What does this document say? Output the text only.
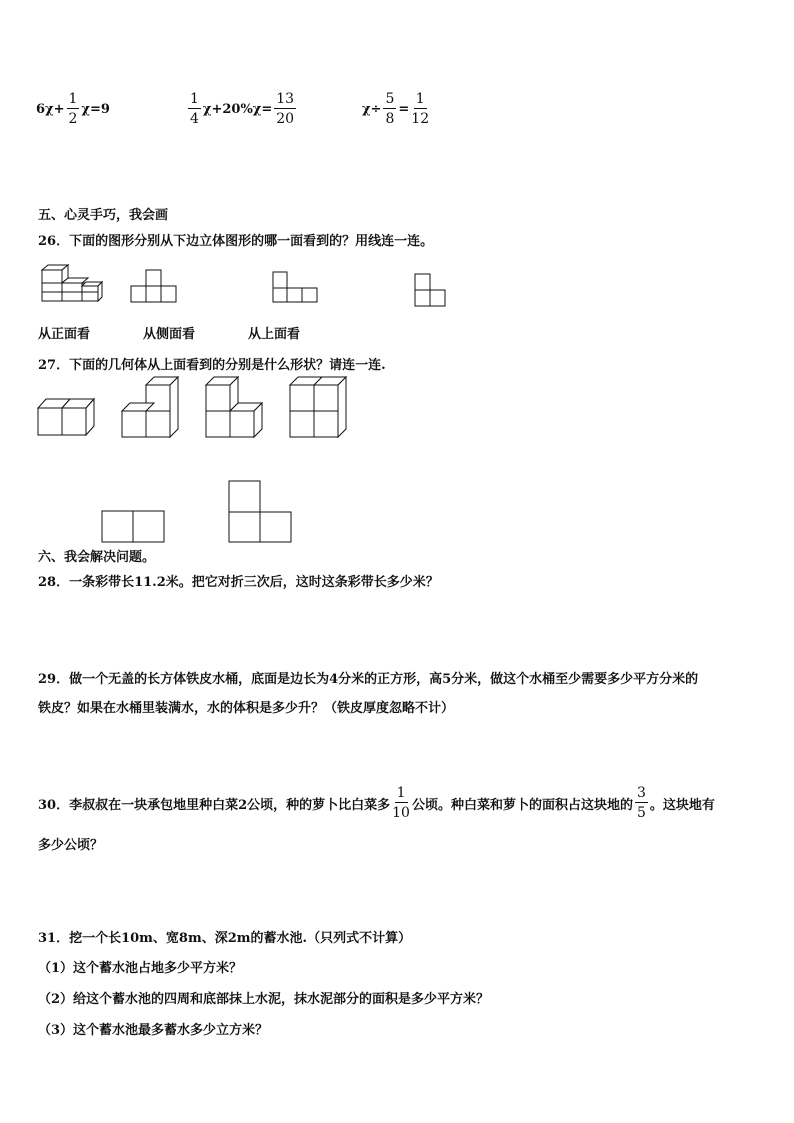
$6\chi+ \frac{1}{2} \chi=9$	$\frac{1}{4} \chi+20\%\chi= \frac{13}{20}$	$\chi\div \frac{5}{8} = \frac{1}{12}$
五、心灵手巧，我会画
26．下面的图形分别从下边立体图形的哪一面看到的？用线连一连。
从正面看	从侧面看	从上面看
27．下面的几何体从上面看到的分别是什么形状？请连一连.
六、我会解决问题。
28．一条彩带长11.2米。把它对折三次后，这时这条彩带长多少米？
29．做一个无盖的长方体铁皮水桶，底面是边长为4分米的正方形，高5分米，做这个水桶至少需要多少平方分米的
铁皮？如果在水桶里装满水，水的体积是多少升？（铁皮厚度忽略不计）
30．李叔叔在一块承包地里种白菜2公顷，种的萝卜比白菜多 $\frac{1}{10}$ 公顷。种白菜和萝卜的面积占这块地的 $\frac{3}{5}$ 。这块地有
多少公顷？
31．挖一个长10m、宽8m、深2m的蓄水池.（只列式不计算）
（1）这个蓄水池占地多少平方米？
（2）给这个蓄水池的四周和底部抹上水泥，抹水泥部分的面积是多少平方米？
（3）这个蓄水池最多蓄水多少立方米？
